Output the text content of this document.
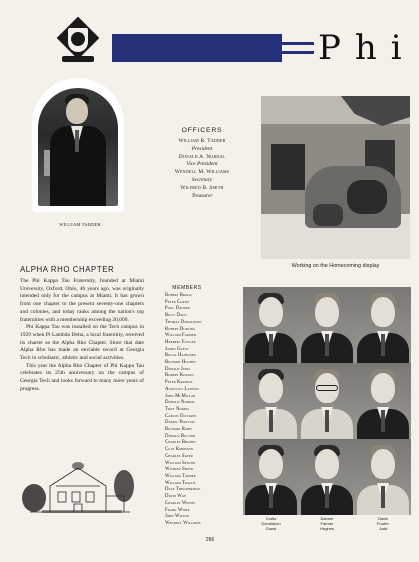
Phi
WILLIAM TADDER
OFFICERS
William R. Tadder
President
Donald A. Nordal
Vice President
Wendell M. Williams
Secretary
Wilfred B. Smith
Treasurer
Working on the Homecoming display
ALPHA RHO CHAPTER

The Phi Kappa Tau Fraternity, founded at Miami University, Oxford, Ohio, 46 years ago, was originally intended only for the campus at Miami. It has grown from one chapter to the present seventy-one chapters and colonies, and today ranks among the nation's top fraternities with a membership exceeding 20,000.

Phi Kappa Tau was installed on the Tech campus in 1929 when Pi Lambda Delta, a local fraternity, received its charter as the Alpha Rho Chapter. Since that date Alpha Rho has made an enviable record at Georgia Tech in scholastic, athletic and social activities.

This year the Alpha Rho Chapter of Phi Kappa Tau celebrates its 25th anniversary on the campus of Georgia Tech and looks forward to many more years of progress.

MEMBERS
Robert Brock
Peter Curtis
Paul Danner
Billy Davis
Thomas Donaldson
Robert Durling
William Farmer
Herbert Fowler
James Guest
Regal Haselden
Richard Hughes
Donald Judd
Robert Keaton
Peter Kranick
Augustus Lanyon
John McMillan
Donald Nordal
Troy Norris
Carlos Olivares
Daniel Percival
Richard Rahn
Donald Ricchio
Charles Rhodes
Clay Robinson
Charles Sayer
William Sexton
Wilfred Smith
William Tadder
William Teague
Dale Throwbridge
David Way
Charles Weems
Frank White
John Wilson
Wendell Williams
Curtis
Donaldson
Guest
Danner
Farmer
Hughes
Davis
Fowler
Judd
266
